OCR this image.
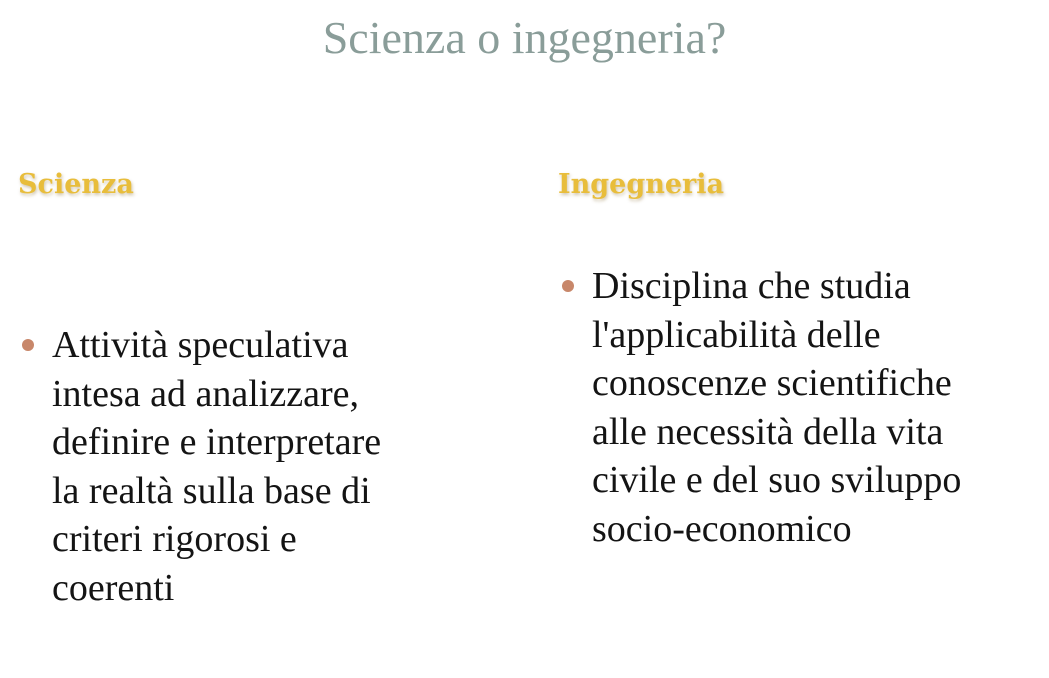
Scienza o ingegneria?
Scienza	Ingegneria
Attività speculativa
intesa ad analizzare,
definire e interpretare
la realtà sulla base di
criteri rigorosi e
coerenti
Disciplina che studia
l'applicabilità delle
conoscenze scientifiche
alle necessità della vita
civile e del suo sviluppo
socio-economico
